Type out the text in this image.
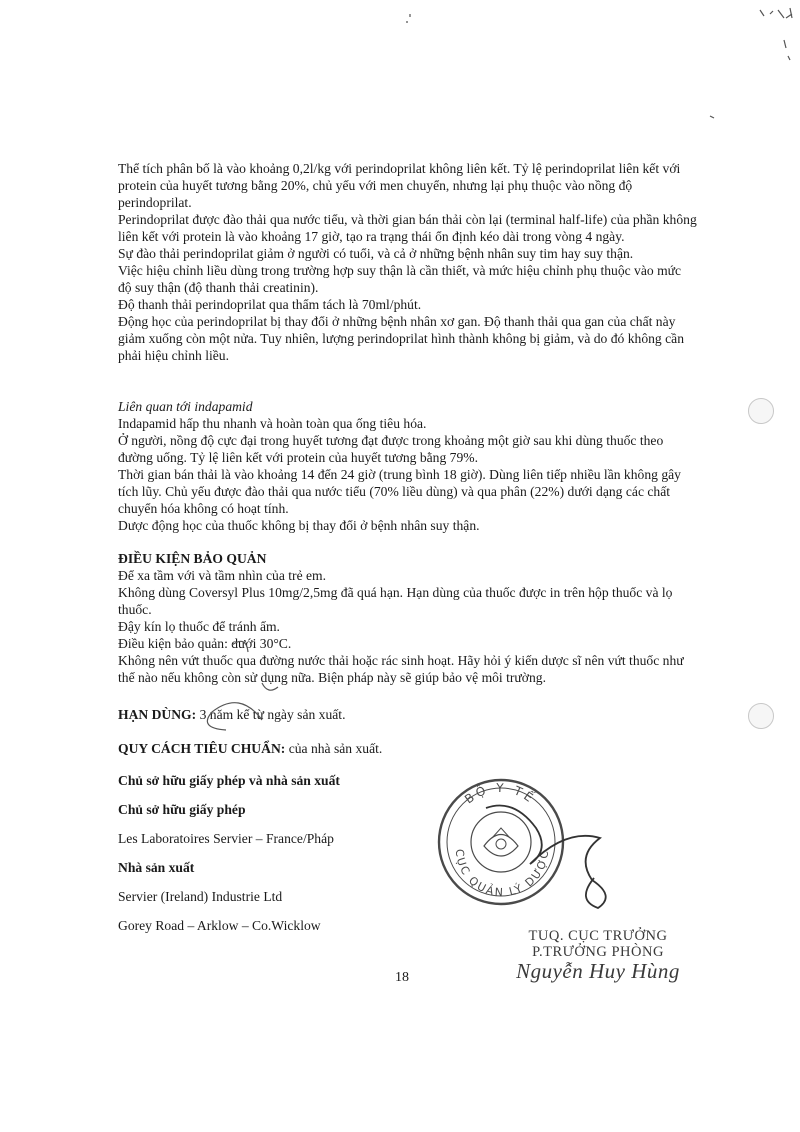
Thể tích phân bố là vào khoảng 0,2l/kg với perindoprilat không liên kết. Tỷ lệ perindoprilat liên kết với protein của huyết tương bằng 20%, chủ yếu với men chuyển, nhưng lại phụ thuộc vào nồng độ perindoprilat.

Perindoprilat được đào thải qua nước tiểu, và thời gian bán thải còn lại (terminal half-life) của phần không liên kết với protein là vào khoảng 17 giờ, tạo ra trạng thái ổn định kéo dài trong vòng 4 ngày.

Sự đào thải perindoprilat giảm ở người có tuổi, và cả ở những bệnh nhân suy tim hay suy thận.

Việc hiệu chỉnh liều dùng trong trường hợp suy thận là cần thiết, và mức hiệu chỉnh phụ thuộc vào mức độ suy thận (độ thanh thải creatinin).

Độ thanh thải perindoprilat qua thẩm tách là 70ml/phút.

Động học của perindoprilat bị thay đổi ở những bệnh nhân xơ gan. Độ thanh thải qua gan của chất này giảm xuống còn một nửa. Tuy nhiên, lượng perindoprilat hình thành không bị giảm, và do đó không cần phải hiệu chỉnh liều.

Liên quan tới indapamid

Indapamid hấp thu nhanh và hoàn toàn qua ống tiêu hóa.

Ở người, nồng độ cực đại trong huyết tương đạt được trong khoảng một giờ sau khi dùng thuốc theo đường uống. Tỷ lệ liên kết với protein của huyết tương bằng 79%.

Thời gian bán thải là vào khoảng 14 đến 24 giờ (trung bình 18 giờ). Dùng liên tiếp nhiều lần không gây tích lũy. Chủ yếu được đào thải qua nước tiểu (70% liều dùng) và qua phân (22%) dưới dạng các chất chuyển hóa không có hoạt tính.

Dược động học của thuốc không bị thay đổi ở bệnh nhân suy thận.

ĐIỀU KIỆN BẢO QUẢN

Để xa tầm với và tầm nhìn của trẻ em.

Không dùng Coversyl Plus 10mg/2,5mg đã quá hạn. Hạn dùng của thuốc được in trên hộp thuốc và lọ thuốc.

Đậy kín lọ thuốc để tránh ẩm.

Điều kiện bảo quản: dưới 30°C.

Không nên vứt thuốc qua đường nước thải hoặc rác sinh hoạt. Hãy hỏi ý kiến dược sĩ nên vứt thuốc như thế nào nếu không còn sử dụng nữa. Biện pháp này sẽ giúp bảo vệ môi trường.

HẠN DÙNG: 3 năm kể từ ngày sản xuất.
QUY CÁCH TIÊU CHUẨN: của nhà sản xuất.
Chủ sở hữu giấy phép và nhà sản xuất
Chủ sở hữu giấy phép
Les Laboratoires Servier – France/Pháp
Nhà sản xuất
Servier (Ireland) Industrie Ltd
Gorey Road – Arklow – Co.Wicklow
18
BỘ Y TẾ
CỤC QUẢN LÝ DƯỢC
TUQ. CỤC TRƯỞNG
P.TRƯỞNG PHÒNG
Nguyễn Huy Hùng
